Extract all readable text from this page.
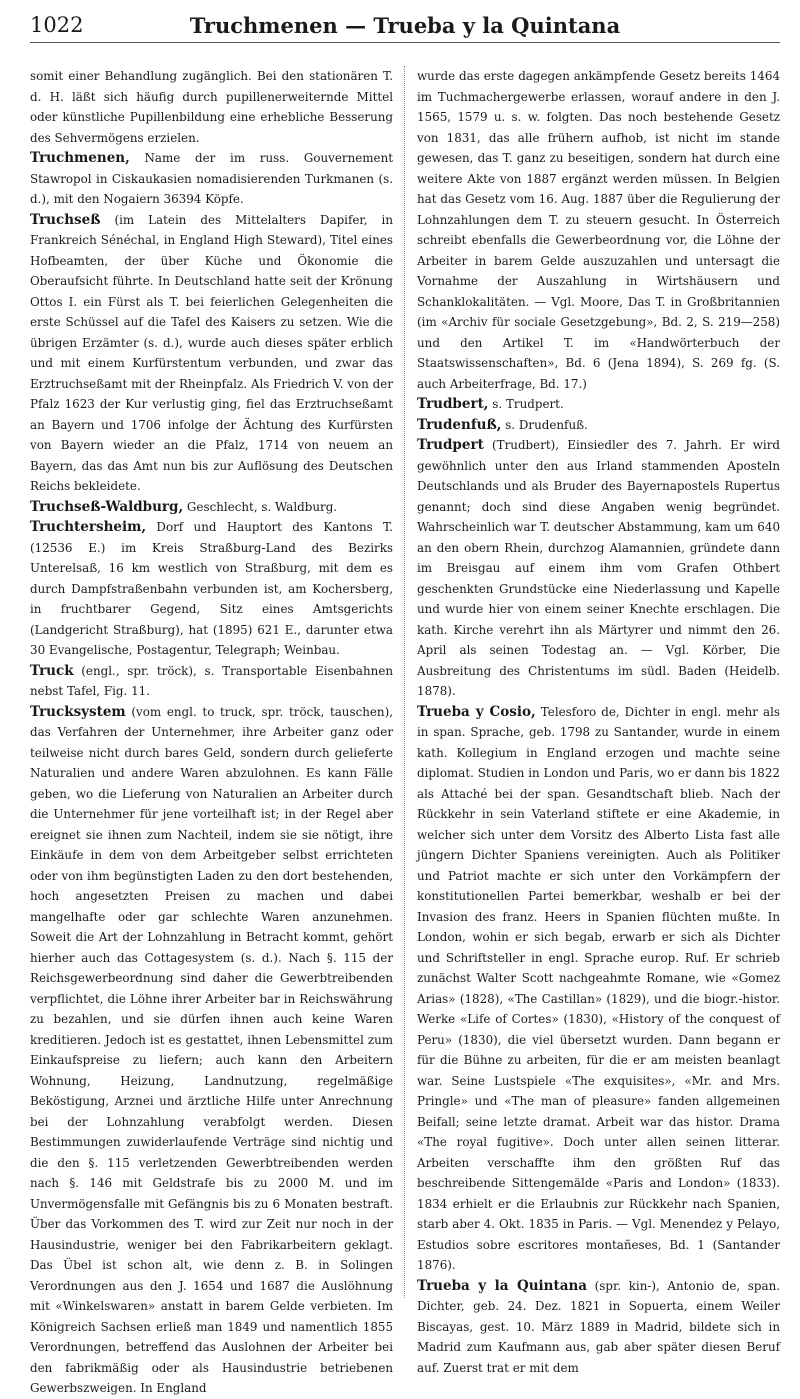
1022	Truchmenen — Trueba y la Quintana

somit einer Behandlung zugänglich. Bei den stationären T. d. H. läßt sich häufig durch pupillenerweiternde Mittel oder künstliche Pupillenbildung eine erhebliche Besserung des Sehvermögens erzielen.

Truchmenen, Name der im russ. Gouvernement Stawropol in Ciskaukasien nomadisierenden Turkmanen (s. d.), mit den Nogaiern 36394 Köpfe.

Truchseß (im Latein des Mittelalters Dapifer, in Frankreich Sénéchal, in England High Steward), Titel eines Hofbeamten, der über Küche und Ökonomie die Oberaufsicht führte. In Deutschland hatte seit der Krönung Ottos I. ein Fürst als T. bei feierlichen Gelegenheiten die erste Schüssel auf die Tafel des Kaisers zu setzen. Wie die übrigen Erzämter (s. d.), wurde auch dieses später erblich und mit einem Kurfürstentum verbunden, und zwar das Erztruchseßamt mit der Rheinpfalz. Als Friedrich V. von der Pfalz 1623 der Kur verlustig ging, fiel das Erztruchseßamt an Bayern und 1706 infolge der Ächtung des Kurfürsten von Bayern wieder an die Pfalz, 1714 von neuem an Bayern, das das Amt nun bis zur Auflösung des Deutschen Reichs bekleidete.

Truchseß-Waldburg, Geschlecht, s. Waldburg.

Truchtersheim, Dorf und Hauptort des Kantons T. (12536 E.) im Kreis Straßburg-Land des Bezirks Unterelsaß, 16 km westlich von Straßburg, mit dem es durch Dampfstraßenbahn verbunden ist, am Kochersberg, in fruchtbarer Gegend, Sitz eines Amtsgerichts (Landgericht Straßburg), hat (1895) 621 E., darunter etwa 30 Evangelische, Postagentur, Telegraph; Weinbau.

Truck (engl., spr. tröck), s. Transportable Eisenbahnen nebst Tafel, Fig. 11.

Trucksystem (vom engl. to truck, spr. tröck, tauschen), das Verfahren der Unternehmer, ihre Arbeiter ganz oder teilweise nicht durch bares Geld, sondern durch gelieferte Naturalien und andere Waren abzulohnen. Es kann Fälle geben, wo die Lieferung von Naturalien an Arbeiter durch die Unternehmer für jene vorteilhaft ist; in der Regel aber ereignet sie ihnen zum Nachteil, indem sie sie nötigt, ihre Einkäufe in dem von dem Arbeitgeber selbst errichteten oder von ihm begünstigten Laden zu den dort bestehenden, hoch angesetzten Preisen zu machen und dabei mangelhafte oder gar schlechte Waren anzunehmen. Soweit die Art der Lohnzahlung in Betracht kommt, gehört hierher auch das Cottagesystem (s. d.). Nach §. 115 der Reichsgewerbeordnung sind daher die Gewerbtreibenden verpflichtet, die Löhne ihrer Arbeiter bar in Reichswährung zu bezahlen, und sie dürfen ihnen auch keine Waren kreditieren. Jedoch ist es gestattet, ihnen Lebensmittel zum Einkaufspreise zu liefern; auch kann den Arbeitern Wohnung, Heizung, Landnutzung, regelmäßige Beköstigung, Arznei und ärztliche Hilfe unter Anrechnung bei der Lohnzahlung verabfolgt werden. Diesen Bestimmungen zuwiderlaufende Verträge sind nichtig und die den §. 115 verletzenden Gewerbtreibenden werden nach §. 146 mit Geldstrafe bis zu 2000 M. und im Unvermögensfalle mit Gefängnis bis zu 6 Monaten bestraft. Über das Vorkommen des T. wird zur Zeit nur noch in der Hausindustrie, weniger bei den Fabrikarbeitern geklagt. Das Übel ist schon alt, wie denn z. B. in Solingen Verordnungen aus den J. 1654 und 1687 die Auslöhnung mit «Winkelswaren» anstatt in barem Gelde verbieten. Im Königreich Sachsen erließ man 1849 und namentlich 1855 Verordnungen, betreffend das Auslohnen der Arbeiter bei den fabrikmäßig oder als Hausindustrie betriebenen Gewerbszweigen. In England

wurde das erste dagegen ankämpfende Gesetz bereits 1464 im Tuchmachergewerbe erlassen, worauf andere in den J. 1565, 1579 u. s. w. folgten. Das noch bestehende Gesetz von 1831, das alle frühern aufhob, ist nicht im stande gewesen, das T. ganz zu beseitigen, sondern hat durch eine weitere Akte von 1887 ergänzt werden müssen. In Belgien hat das Gesetz vom 16. Aug. 1887 über die Regulierung der Lohnzahlungen dem T. zu steuern gesucht. In Österreich schreibt ebenfalls die Gewerbeordnung vor, die Löhne der Arbeiter in barem Gelde auszuzahlen und untersagt die Vornahme der Auszahlung in Wirtshäusern und Schanklokalitäten. — Vgl. Moore, Das T. in Großbritannien (im «Archiv für sociale Gesetzgebung», Bd. 2, S. 219—258) und den Artikel T. im «Handwörterbuch der Staatswissenschaften», Bd. 6 (Jena 1894), S. 269 fg. (S. auch Arbeiterfrage, Bd. 17.)

Trudbert, s. Trudpert.

Trudenfuß, s. Drudenfuß.

Trudpert (Trudbert), Einsiedler des 7. Jahrh. Er wird gewöhnlich unter den aus Irland stammenden Aposteln Deutschlands und als Bruder des Bayernapostels Rupertus genannt; doch sind diese Angaben wenig begründet. Wahrscheinlich war T. deutscher Abstammung, kam um 640 an den obern Rhein, durchzog Alamannien, gründete dann im Breisgau auf einem ihm vom Grafen Othbert geschenkten Grundstücke eine Niederlassung und Kapelle und wurde hier von einem seiner Knechte erschlagen. Die kath. Kirche verehrt ihn als Märtyrer und nimmt den 26. April als seinen Todestag an. — Vgl. Körber, Die Ausbreitung des Christentums im südl. Baden (Heidelb. 1878).

Trueba y Cosio, Telesforo de, Dichter in engl. mehr als in span. Sprache, geb. 1798 zu Santander, wurde in einem kath. Kollegium in England erzogen und machte seine diplomat. Studien in London und Paris, wo er dann bis 1822 als Attaché bei der span. Gesandtschaft blieb. Nach der Rückkehr in sein Vaterland stiftete er eine Akademie, in welcher sich unter dem Vorsitz des Alberto Lista fast alle jüngern Dichter Spaniens vereinigten. Auch als Politiker und Patriot machte er sich unter den Vorkämpfern der konstitutionellen Partei bemerkbar, weshalb er bei der Invasion des franz. Heers in Spanien flüchten mußte. In London, wohin er sich begab, erwarb er sich als Dichter und Schriftsteller in engl. Sprache europ. Ruf. Er schrieb zunächst Walter Scott nachgeahmte Romane, wie «Gomez Arias» (1828), «The Castillan» (1829), und die biogr.-histor. Werke «Life of Cortes» (1830), «History of the conquest of Peru» (1830), die viel übersetzt wurden. Dann begann er für die Bühne zu arbeiten, für die er am meisten beanlagt war. Seine Lustspiele «The exquisites», «Mr. and Mrs. Pringle» und «The man of pleasure» fanden allgemeinen Beifall; seine letzte dramat. Arbeit war das histor. Drama «The royal fugitive». Doch unter allen seinen litterar. Arbeiten verschaffte ihm den größten Ruf das beschreibende Sittengemälde «Paris and London» (1833). 1834 erhielt er die Erlaubnis zur Rückkehr nach Spanien, starb aber 4. Okt. 1835 in Paris. — Vgl. Menendez y Pelayo, Estudios sobre escritores montañeses, Bd. 1 (Santander 1876).

Trueba y la Quintana (spr. kin-), Antonio de, span. Dichter, geb. 24. Dez. 1821 in Sopuerta, einem Weiler Biscayas, gest. 10. März 1889 in Madrid, bildete sich in Madrid zum Kaufmann aus, gab aber später diesen Beruf auf. Zuerst trat er mit dem
